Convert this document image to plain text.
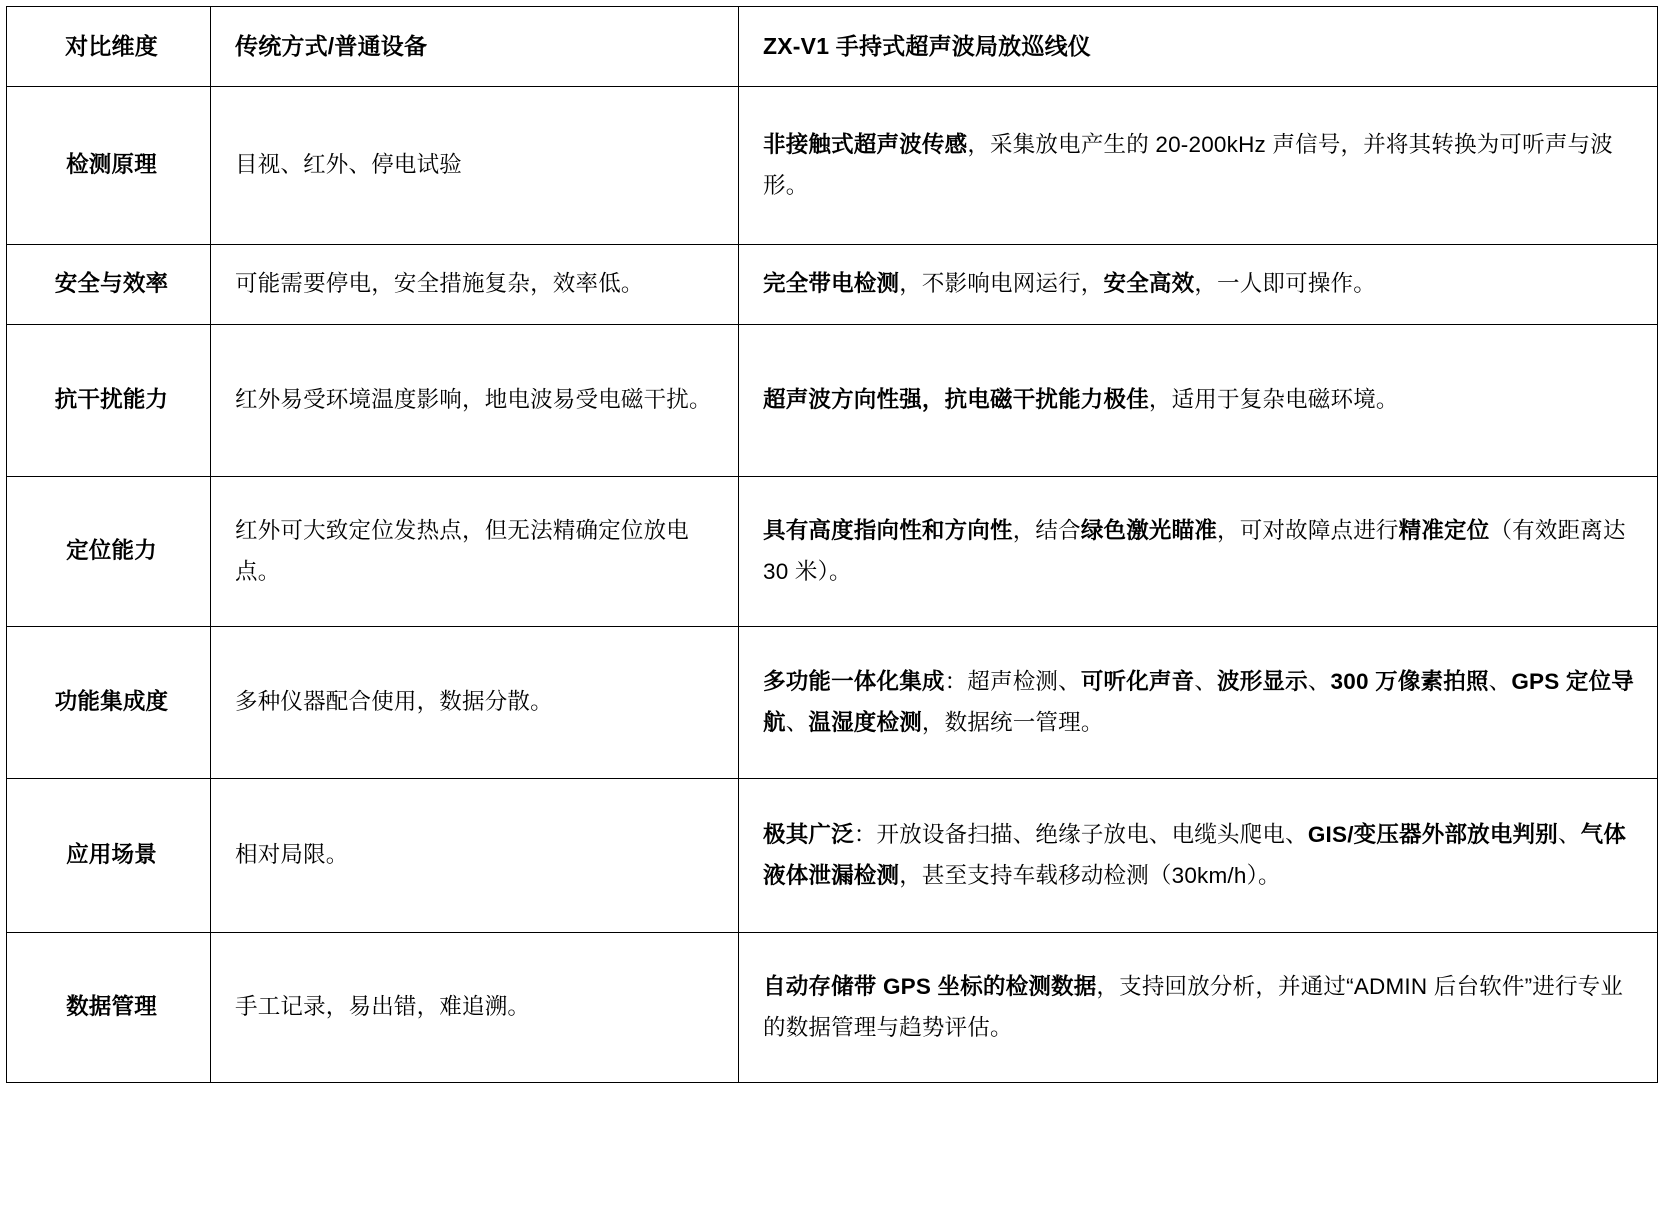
对比维度	传统方式/普通设备	ZX-V1 手持式超声波局放巡线仪
检测原理	目视、红外、停电试验	非接触式超声波传感，采集放电产生的 20-200kHz 声信号，并将其转换为可听声与波形。
安全与效率	可能需要停电，安全措施复杂，效率低。	完全带电检测，不影响电网运行，安全高效，一人即可操作。
抗干扰能力	红外易受环境温度影响，地电波易受电磁干扰。	超声波方向性强，抗电磁干扰能力极佳，适用于复杂电磁环境。
定位能力	红外可大致定位发热点，但无法精确定位放电点。	具有高度指向性和方向性，结合绿色激光瞄准，可对故障点进行精准定位（有效距离达 30 米）。
功能集成度	多种仪器配合使用，数据分散。	多功能一体化集成：超声检测、可听化声音、波形显示、300 万像素拍照、GPS 定位导航、温湿度检测，数据统一管理。
应用场景	相对局限。	极其广泛：开放设备扫描、绝缘子放电、电缆头爬电、GIS/变压器外部放电判别、气体液体泄漏检测，甚至支持车载移动检测（30km/h）。
数据管理	手工记录，易出错，难追溯。	自动存储带 GPS 坐标的检测数据，支持回放分析，并通过“ADMIN 后台软件”进行专业的数据管理与趋势评估。
